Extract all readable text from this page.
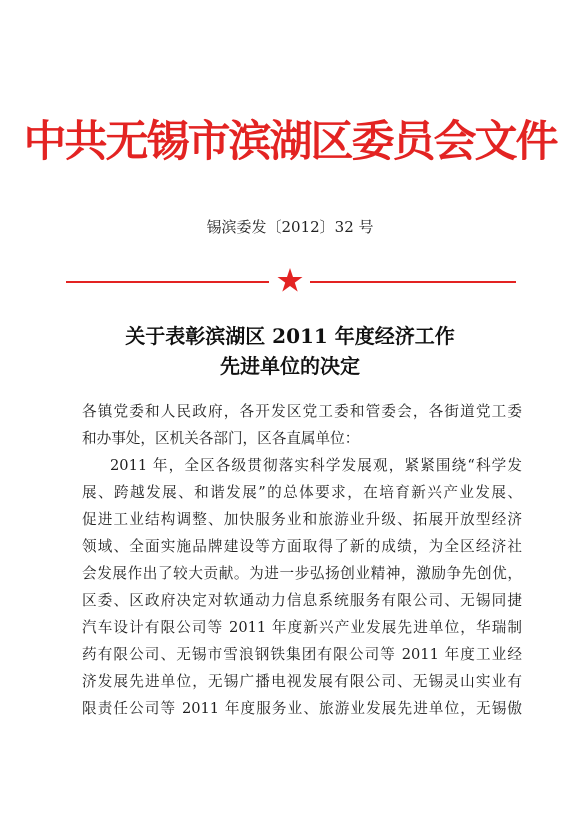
中共无锡市滨湖区委员会文件
锡滨委发〔2012〕32 号
关于表彰滨湖区 2011 年度经济工作
先进单位的决定
各镇党委和人民政府，各开发区党工委和管委会，各街道党工委
和办事处，区机关各部门，区各直属单位：
2011 年，全区各级贯彻落实科学发展观，紧紧围绕“科学发
展、跨越发展、和谐发展”的总体要求，在培育新兴产业发展、
促进工业结构调整、加快服务业和旅游业升级、拓展开放型经济
领域、全面实施品牌建设等方面取得了新的成绩，为全区经济社
会发展作出了较大贡献。为进一步弘扬创业精神，激励争先创优，
区委、区政府决定对软通动力信息系统服务有限公司、无锡同捷
汽车设计有限公司等 2011 年度新兴产业发展先进单位，华瑞制
药有限公司、无锡市雪浪钢铁集团有限公司等 2011 年度工业经
济发展先进单位，无锡广播电视发展有限公司、无锡灵山实业有
限责任公司等 2011 年度服务业、旅游业发展先进单位，无锡傲
